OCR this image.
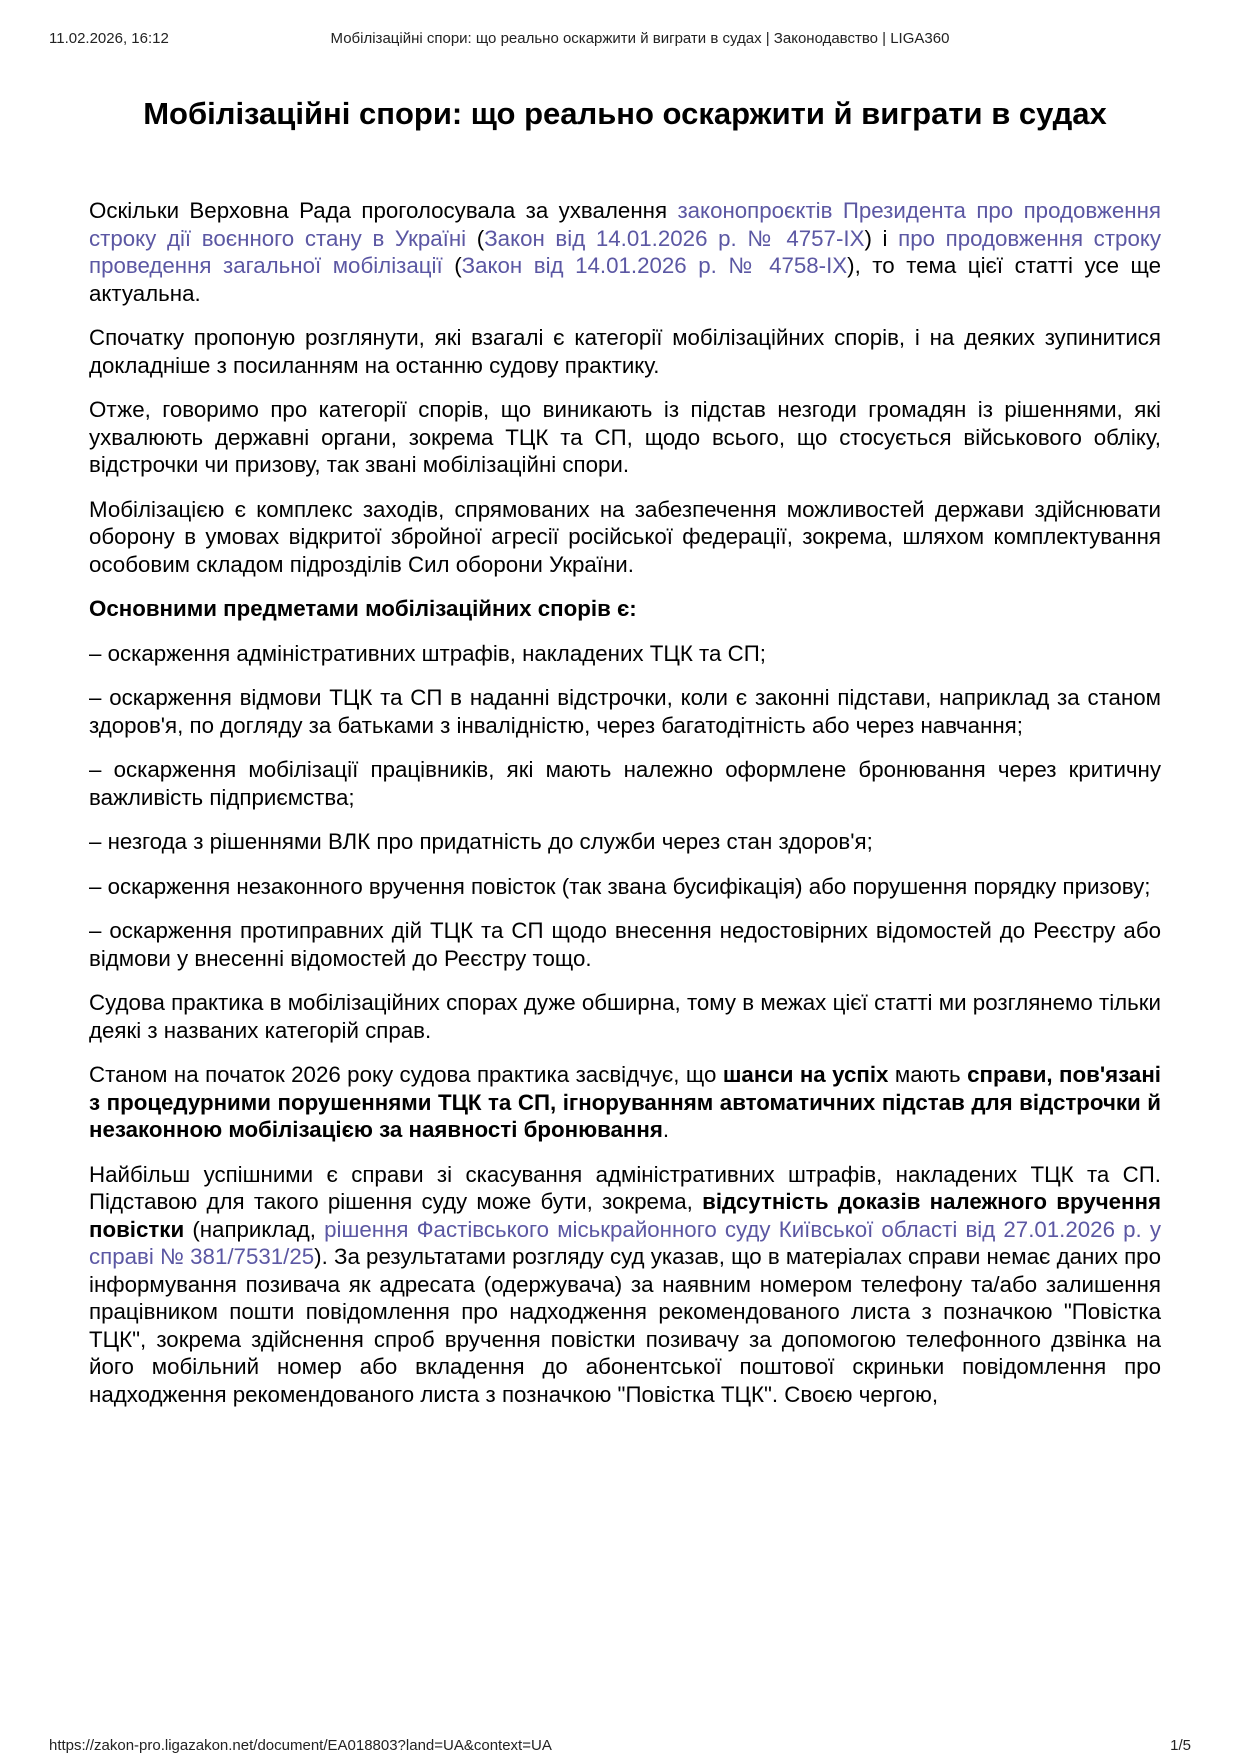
11.02.2026, 16:12	Мобілізаційні спори: що реально оскаржити й виграти в судах | Законодавство | LIGA360
Мобілізаційні спори: що реально оскаржити й виграти в судах

Оскільки Верховна Рада проголосувала за ухвалення законопроєктів Президента про продовження строку дії воєнного стану в Україні (Закон від 14.01.2026 р. № 4757-IX) і про продовження строку проведення загальної мобілізації (Закон від 14.01.2026 р. № 4758-IX), то тема цієї статті усе ще актуальна.

Спочатку пропоную розглянути, які взагалі є категорії мобілізаційних спорів, і на деяких зупинитися докладніше з посиланням на останню судову практику.

Отже, говоримо про категорії спорів, що виникають із підстав незгоди громадян із рішеннями, які ухвалюють державні органи, зокрема ТЦК та СП, щодо всього, що стосується військового обліку, відстрочки чи призову, так звані мобілізаційні спори.

Мобілізацією є комплекс заходів, спрямованих на забезпечення можливостей держави здійснювати оборону в умовах відкритої збройної агресії російської федерації, зокрема, шляхом комплектування особовим складом підрозділів Сил оборони України.

Основними предметами мобілізаційних спорів є:

– оскарження адміністративних штрафів, накладених ТЦК та СП;

– оскарження відмови ТЦК та СП в наданні відстрочки, коли є законні підстави, наприклад за станом здоров'я, по догляду за батьками з інвалідністю, через багатодітність або через навчання;

– оскарження мобілізації працівників, які мають належно оформлене бронювання через критичну важливість підприємства;

– незгода з рішеннями ВЛК про придатність до служби через стан здоров'я;

– оскарження незаконного вручення повісток (так звана бусифікація) або порушення порядку призову;

– оскарження протиправних дій ТЦК та СП щодо внесення недостовірних відомостей до Реєстру або відмови у внесенні відомостей до Реєстру тощо.

Судова практика в мобілізаційних спорах дуже обширна, тому в межах цієї статті ми розглянемо тільки деякі з названих категорій справ.

Станом на початок 2026 року судова практика засвідчує, що шанси на успіх мають справи, пов'язані з процедурними порушеннями ТЦК та СП, ігноруванням автоматичних підстав для відстрочки й незаконною мобілізацією за наявності бронювання.

Найбільш успішними є справи зі скасування адміністративних штрафів, накладених ТЦК та СП. Підставою для такого рішення суду може бути, зокрема, відсутність доказів належного вручення повістки (наприклад, рішення Фастівського міськрайонного суду Київської області від 27.01.2026 р. у справі № 381/7531/25). За результатами розгляду суд указав, що в матеріалах справи немає даних про інформування позивача як адресата (одержувача) за наявним номером телефону та/або залишення працівником пошти повідомлення про надходження рекомендованого листа з позначкою "Повістка ТЦК", зокрема здійснення спроб вручення повістки позивачу за допомогою телефонного дзвінка на його мобільний номер або вкладення до абонентської поштової скриньки повідомлення про надходження рекомендованого листа з позначкою "Повістка ТЦК". Своєю чергою,

https://zakon-pro.ligazakon.net/document/EA018803?land=UA&context=UA	1/5
